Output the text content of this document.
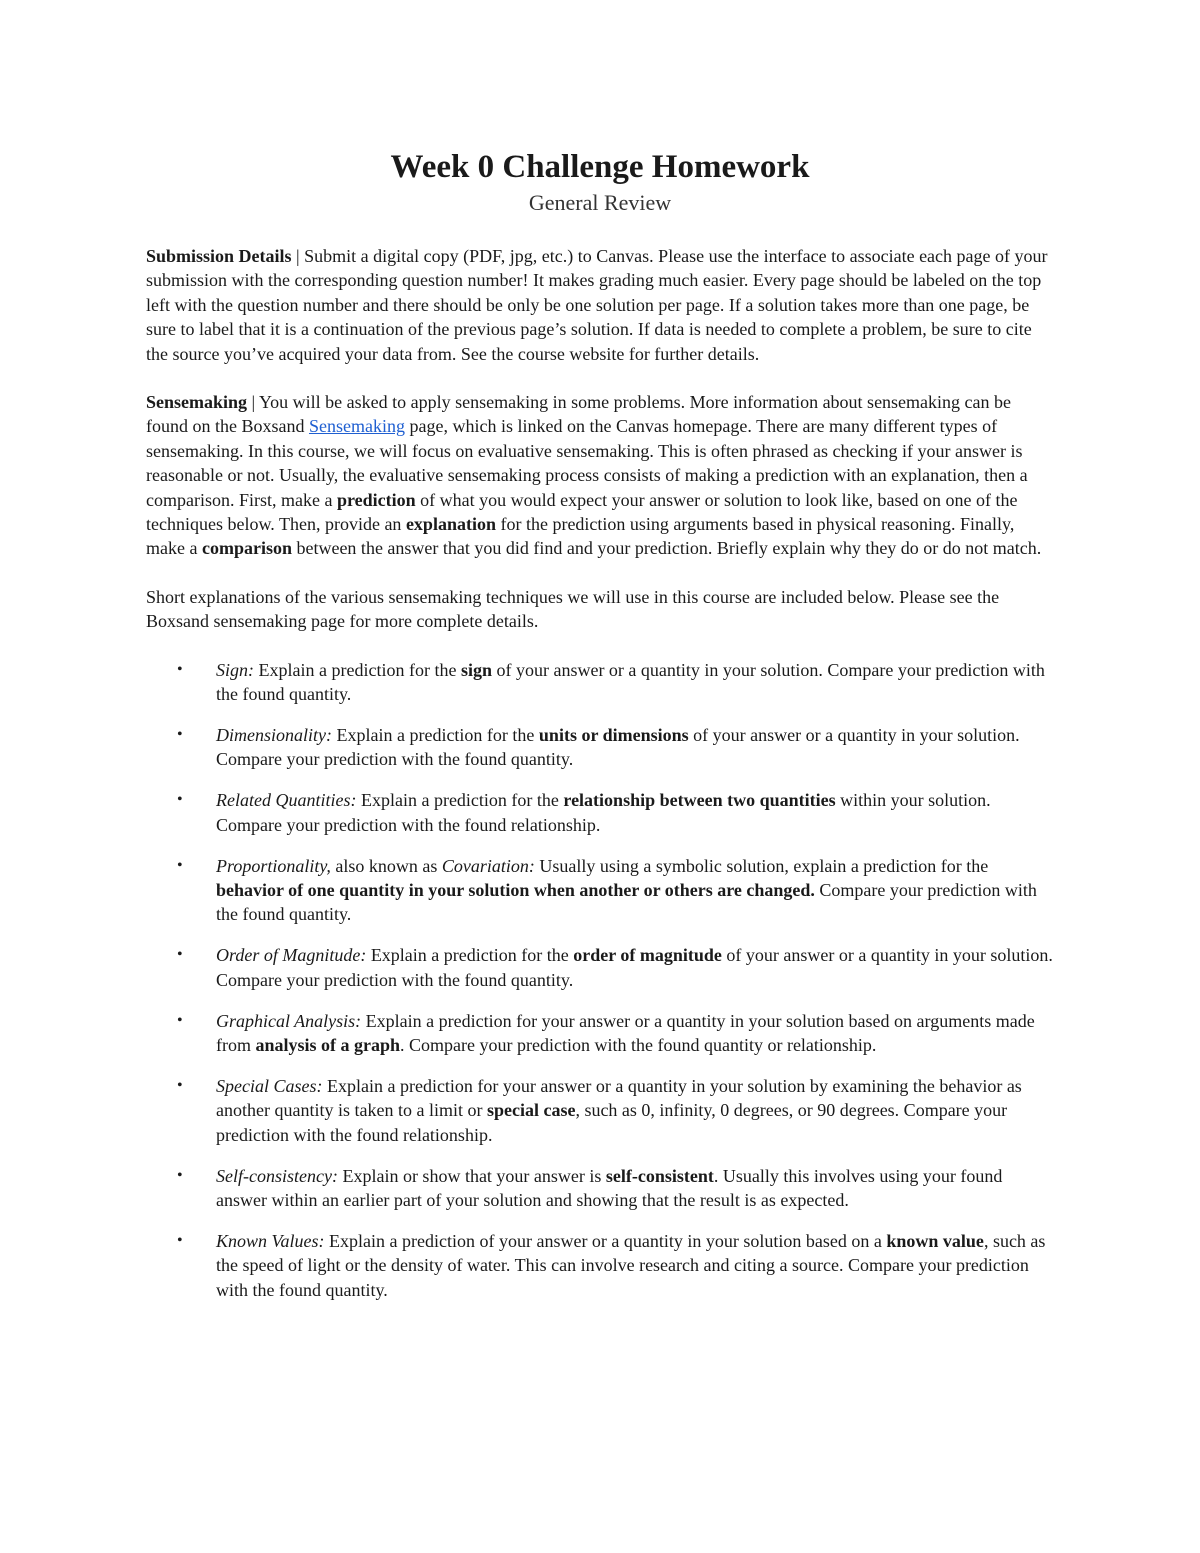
Week 0 Challenge Homework
General Review

Submission Details | Submit a digital copy (PDF, jpg, etc.) to Canvas. Please use the interface to associate each page of your submission with the corresponding question number! It makes grading much easier. Every page should be labeled on the top left with the question number and there should be only be one solution per page. If a solution takes more than one page, be sure to label that it is a continuation of the previous page’s solution. If data is needed to complete a problem, be sure to cite the source you’ve acquired your data from. See the course website for further details.

Sensemaking | You will be asked to apply sensemaking in some problems. More information about sensemaking can be found on the Boxsand Sensemaking page, which is linked on the Canvas homepage. There are many different types of sensemaking. In this course, we will focus on evaluative sensemaking. This is often phrased as checking if your answer is reasonable or not. Usually, the evaluative sensemaking process consists of making a prediction with an explanation, then a comparison. First, make a prediction of what you would expect your answer or solution to look like, based on one of the techniques below. Then, provide an explanation for the prediction using arguments based in physical reasoning. Finally, make a comparison between the answer that you did find and your prediction. Briefly explain why they do or do not match.

Short explanations of the various sensemaking techniques we will use in this course are included below. Please see the Boxsand sensemaking page for more complete details.

• Sign: Explain a prediction for the sign of your answer or a quantity in your solution. Compare your prediction with the found quantity.
• Dimensionality: Explain a prediction for the units or dimensions of your answer or a quantity in your solution. Compare your prediction with the found quantity.
• Related Quantities: Explain a prediction for the relationship between two quantities within your solution. Compare your prediction with the found relationship.
• Proportionality, also known as Covariation: Usually using a symbolic solution, explain a prediction for the behavior of one quantity in your solution when another or others are changed. Compare your prediction with the found quantity.
• Order of Magnitude: Explain a prediction for the order of magnitude of your answer or a quantity in your solution. Compare your prediction with the found quantity.
• Graphical Analysis: Explain a prediction for your answer or a quantity in your solution based on arguments made from analysis of a graph. Compare your prediction with the found quantity or relationship.
• Special Cases: Explain a prediction for your answer or a quantity in your solution by examining the behavior as another quantity is taken to a limit or special case, such as 0, infinity, 0 degrees, or 90 degrees. Compare your prediction with the found relationship.
• Self-consistency: Explain or show that your answer is self-consistent. Usually this involves using your found answer within an earlier part of your solution and showing that the result is as expected.
• Known Values: Explain a prediction of your answer or a quantity in your solution based on a known value, such as the speed of light or the density of water. This can involve research and citing a source. Compare your prediction with the found quantity.
